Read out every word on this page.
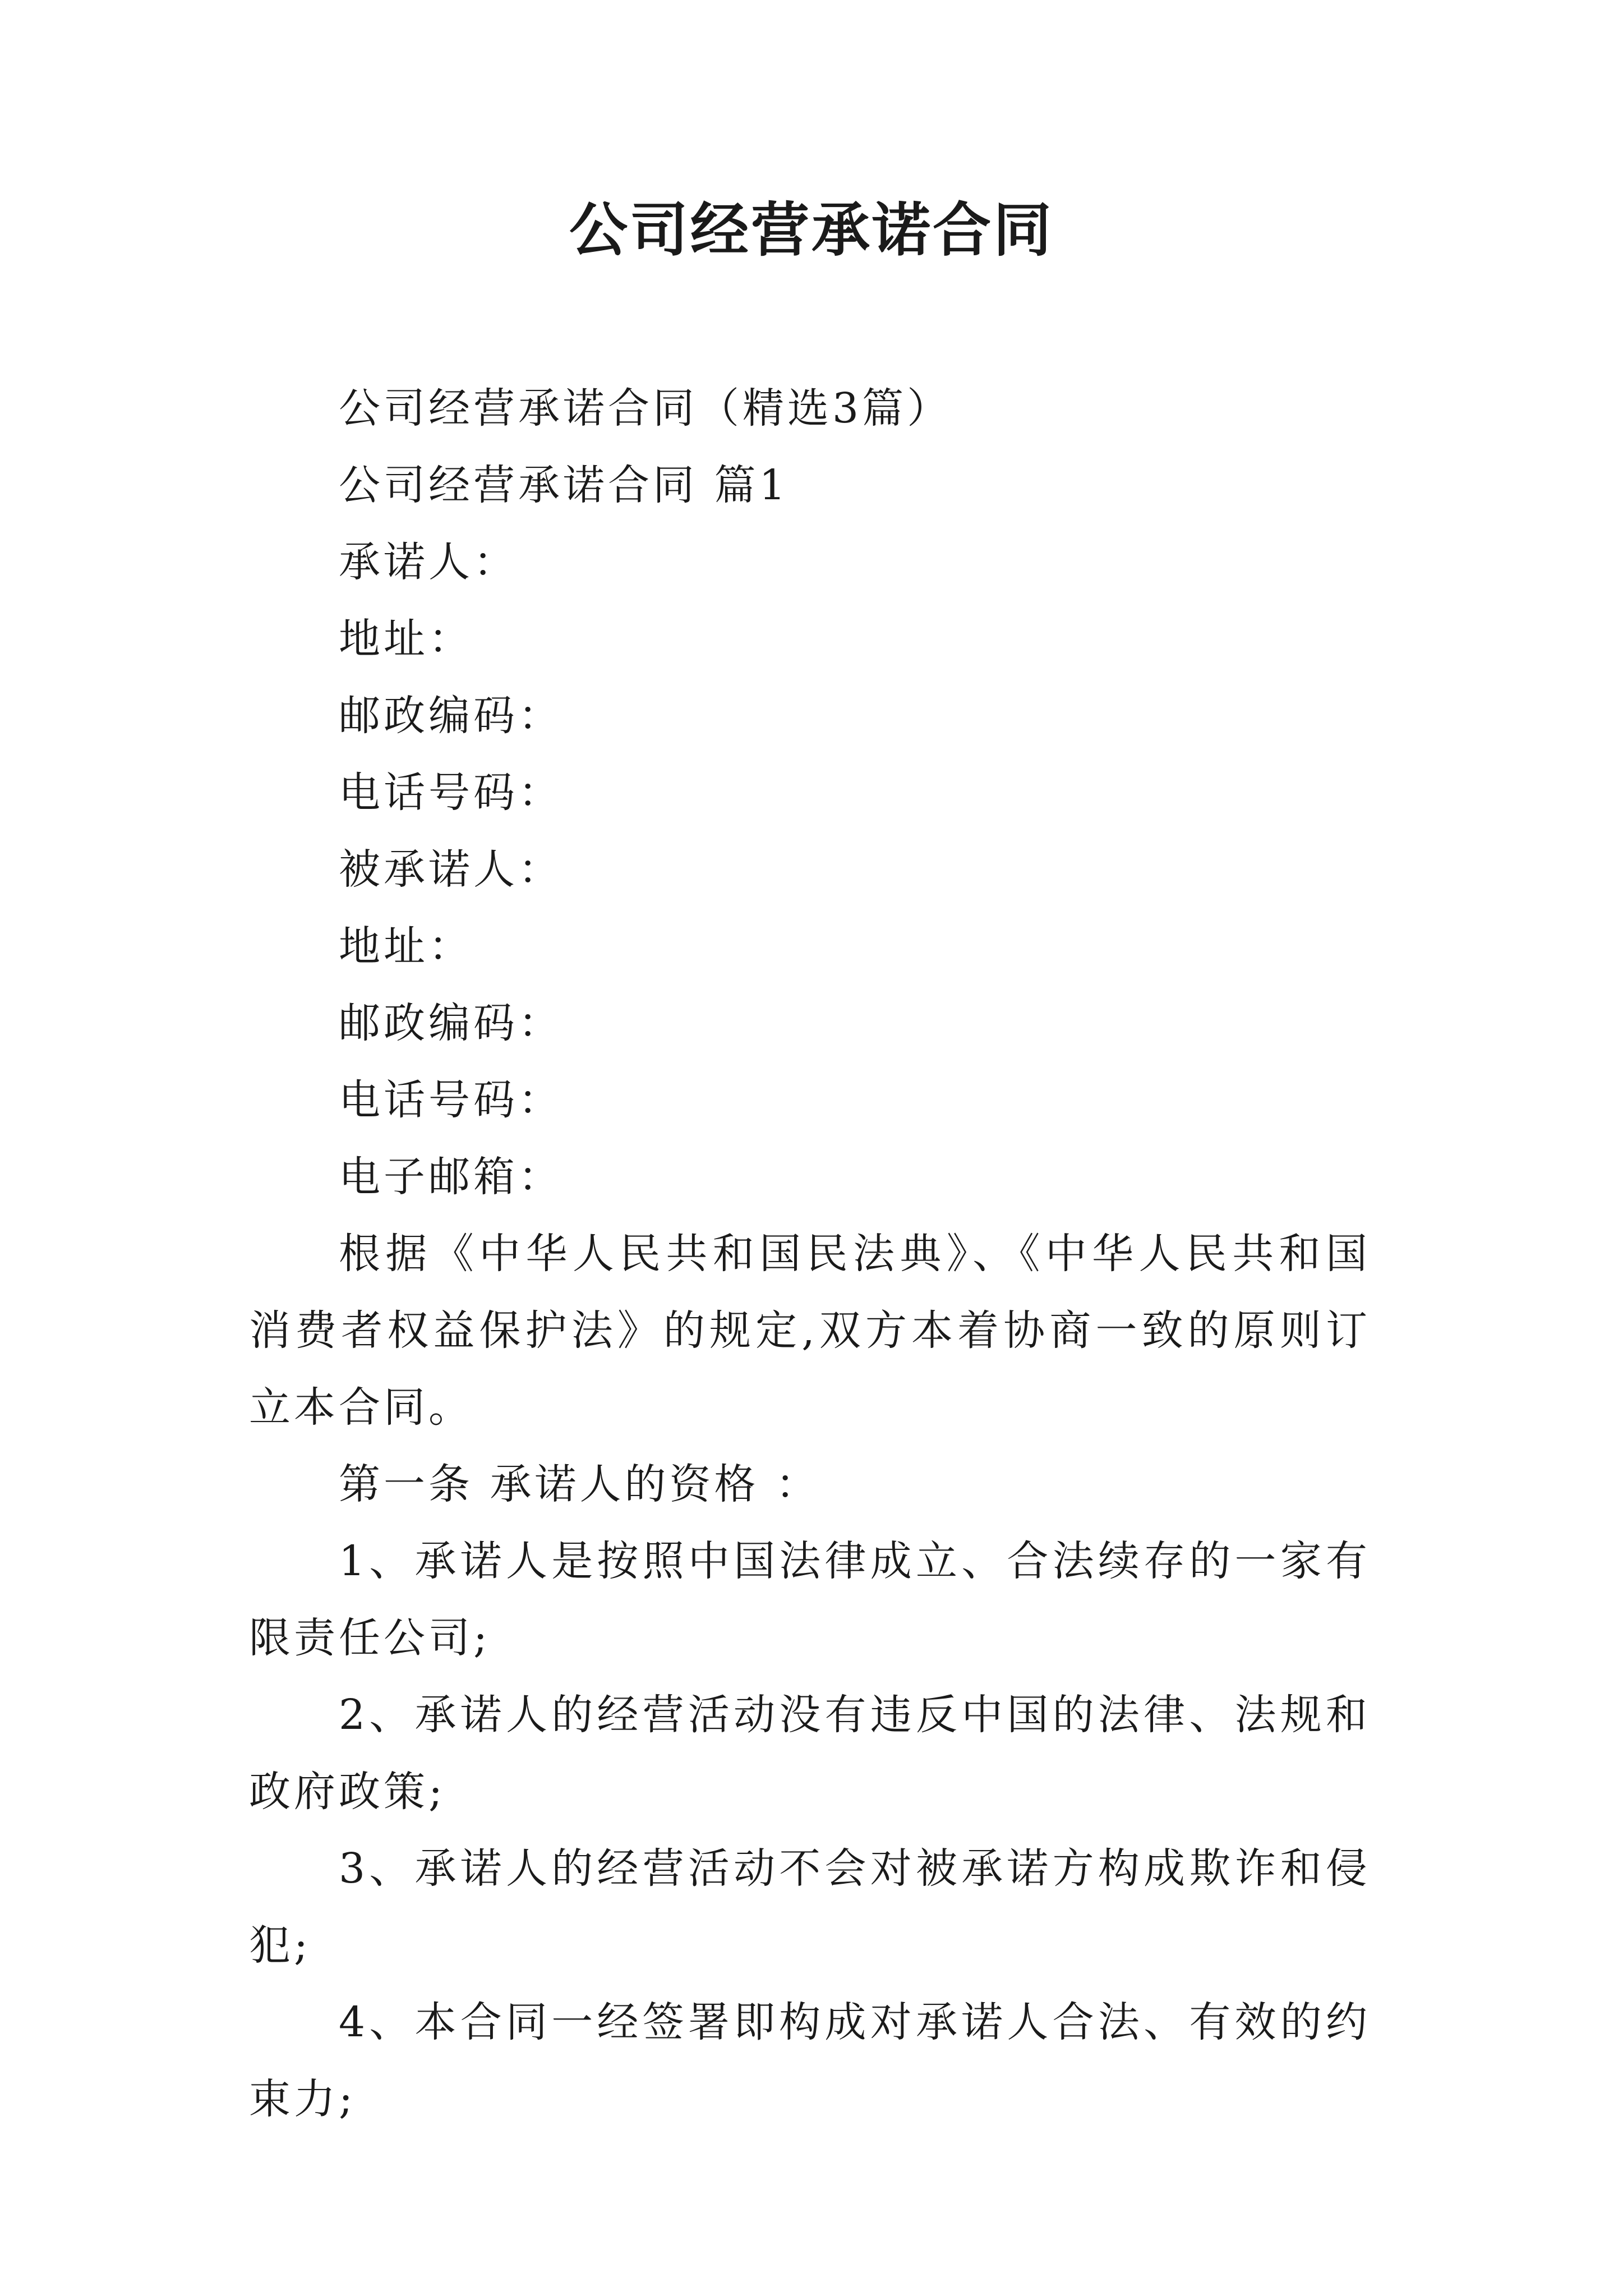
公司经营承诺合同
公司经营承诺合同（精选3篇）
公司经营承诺合同 篇1
承诺人：
地址：
邮政编码：
电话号码：
被承诺人：
地址：
邮政编码：
电话号码：
电子邮箱：
根据《中华人民共和国民法典》、《中华人民共和国消费者权益保护法》的规定,双方本着协商一致的原则订立本合同。
第一条 承诺人的资格 ：
1、承诺人是按照中国法律成立、合法续存的一家有限责任公司;
2、承诺人的经营活动没有违反中国的法律、法规和政府政策;
3、承诺人的经营活动不会对被承诺方构成欺诈和侵犯;
4、本合同一经签署即构成对承诺人合法、有效的约束力;
